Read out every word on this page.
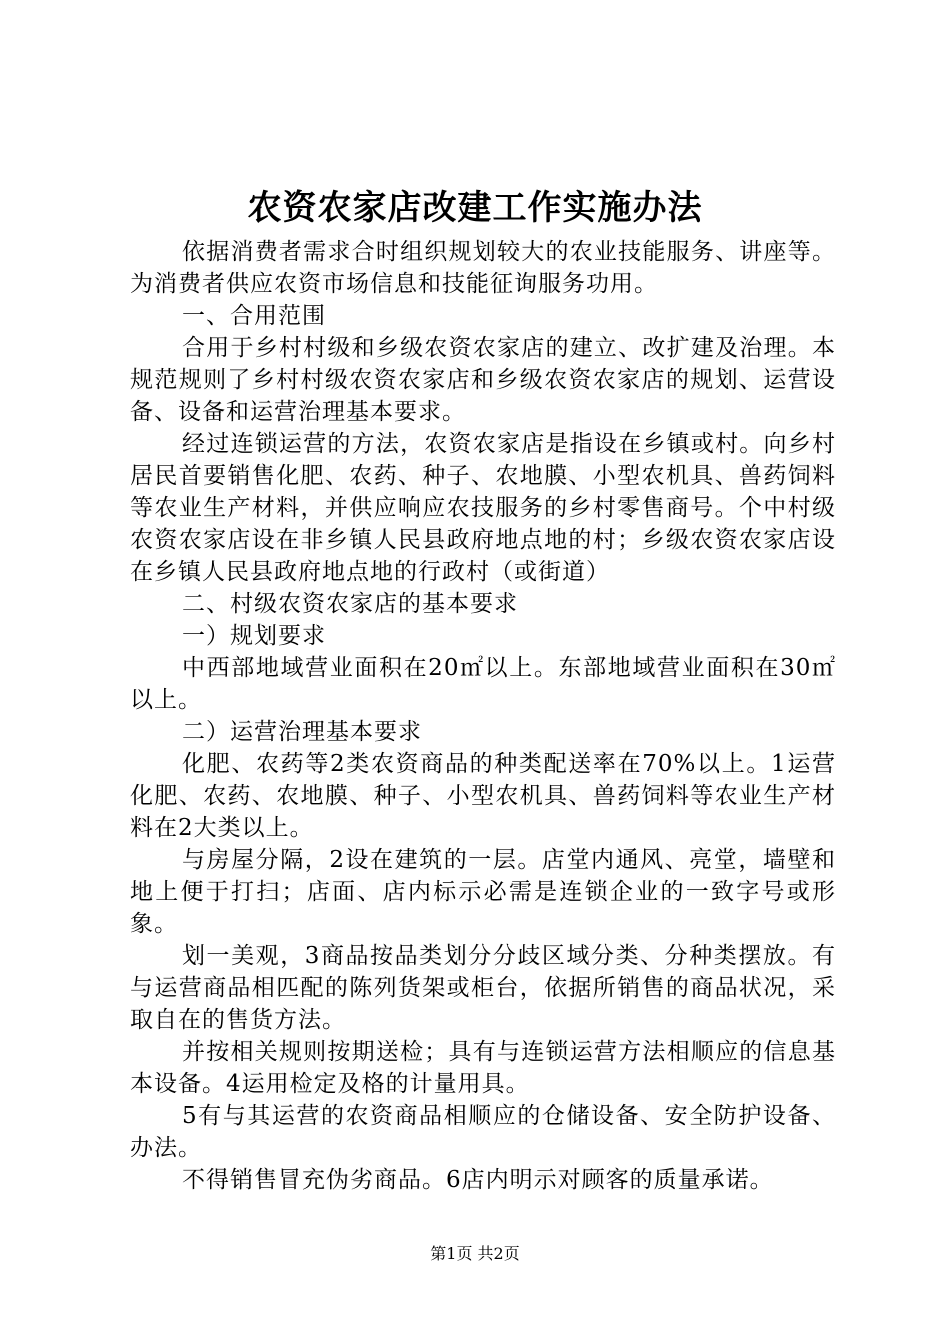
农资农家店改建工作实施办法

依据消费者需求合时组织规划较大的农业技能服务、讲座等。为消费者供应农资市场信息和技能征询服务功用。

一、合用范围

合用于乡村村级和乡级农资农家店的建立、改扩建及治理。本规范规则了乡村村级农资农家店和乡级农资农家店的规划、运营设备、设备和运营治理基本要求。

经过连锁运营的方法，农资农家店是指设在乡镇或村。向乡村居民首要销售化肥、农药、种子、农地膜、小型农机具、兽药饲料等农业生产材料，并供应响应农技服务的乡村零售商号。个中村级农资农家店设在非乡镇人民县政府地点地的村；乡级农资农家店设在乡镇人民县政府地点地的行政村（或街道）

二、村级农资农家店的基本要求

一）规划要求

中西部地域营业面积在20㎡以上。东部地域营业面积在30㎡以上。

二）运营治理基本要求

化肥、农药等2类农资商品的种类配送率在70%以上。1运营化肥、农药、农地膜、种子、小型农机具、兽药饲料等农业生产材料在2大类以上。

与房屋分隔，2设在建筑的一层。店堂内通风、亮堂，墙壁和地上便于打扫；店面、店内标示必需是连锁企业的一致字号或形象。

划一美观，3商品按品类划分分歧区域分类、分种类摆放。有与运营商品相匹配的陈列货架或柜台，依据所销售的商品状况，采取自在的售货方法。

并按相关规则按期送检；具有与连锁运营方法相顺应的信息基本设备。4运用检定及格的计量用具。

5有与其运营的农资商品相顺应的仓储设备、安全防护设备、办法。

不得销售冒充伪劣商品。6店内明示对顾客的质量承诺。

第1页 共2页
